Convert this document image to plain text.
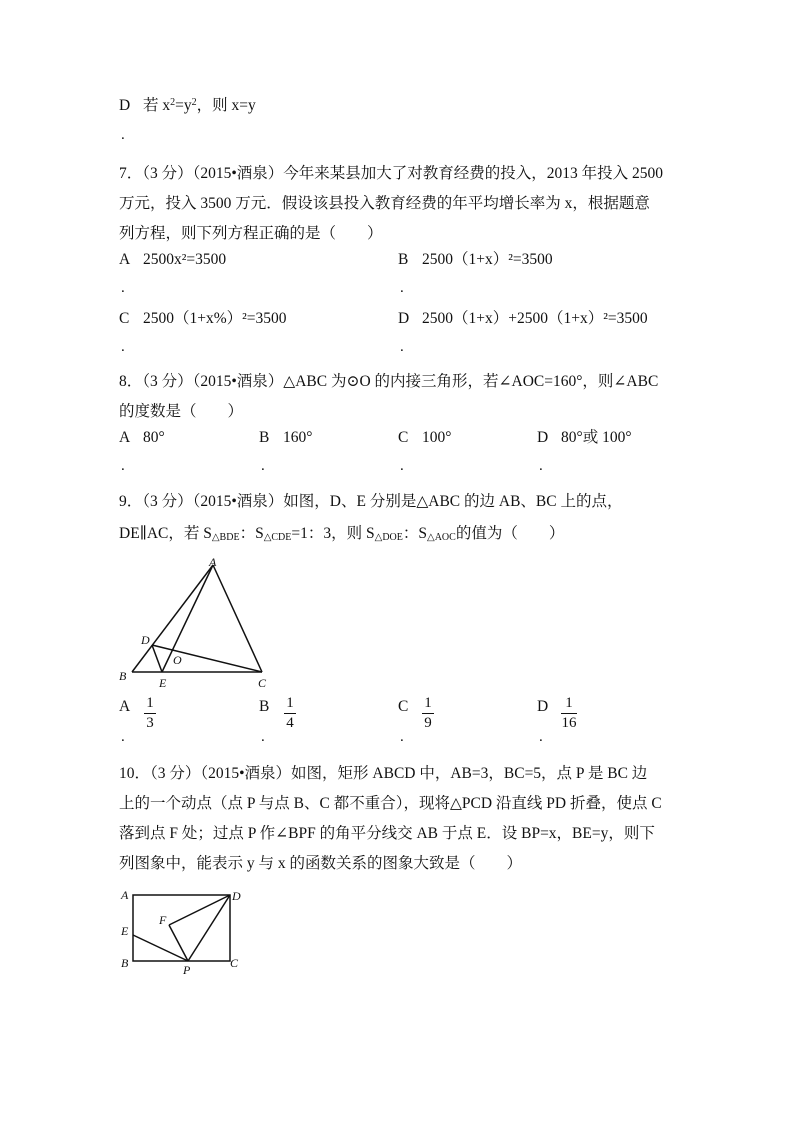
D 若 $x^2=y^2$，则 x=y
.
7．（3 分）（2015•酒泉）今年来某县加大了对教育经费的投入，2013 年投入 2500
万元，投入 3500 万元．假设该县投入教育经费的年平均增长率为 x，根据题意
列方程，则下列方程正确的是（　　）
A 2500x²=3500	B 2500（1+x）²=3500
.	.
C 2500（1+x%）²=3500	D 2500（1+x）+2500（1+x）²=3500
.	.
8．（3 分）（2015•酒泉）△ABC 为⊙O 的内接三角形，若∠AOC=160°，则∠ABC
的度数是（　　）
A 80°	B 160°	C 100°	D 80°或 100°
.	.	.	.
9．（3 分）（2015•酒泉）如图，D、E 分别是△ABC 的边 AB、BC 上的点，
DE∥AC，若 $S_{\triangle BDE}$：$S_{\triangle CDE}=1$：3，则 $S_{\triangle DOE}$：$S_{\triangle AOC}$的值为（　　）
A
D
O
B	E	C
A $\frac{1}{3}$	B $\frac{1}{4}$	C $\frac{1}{9}$	D $\frac{1}{16}$
.	.	.	.
10．（3 分）（2015•酒泉）如图，矩形 ABCD 中，AB=3，BC=5，点 P 是 BC 边
上的一个动点（点 P 与点 B、C 都不重合），现将△PCD 沿直线 PD 折叠，使点 C
落到点 F 处；过点 P 作∠BPF 的角平分线交 AB 于点 E．设 BP=x，BE=y，则下
列图象中，能表示 y 与 x 的函数关系的图象大致是（　　）
A	D
F
E
B	P	C
